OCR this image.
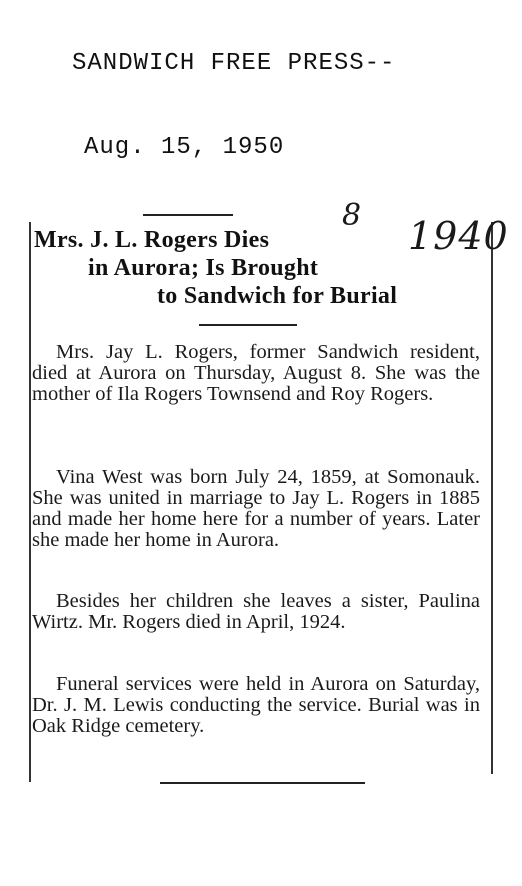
SANDWICH FREE PRESS--

Aug. 15, 1950

Mrs. J. L. Rogers Dies
in Aurora; Is Brought
to Sandwich for Burial
8 1940

Mrs. Jay L. Rogers, former Sandwich resident, died at Aurora on Thursday, August 8. She was the mother of Ila Rogers Townsend and Roy Rogers.

Vina West was born July 24, 1859, at Somonauk. She was united in marriage to Jay L. Rogers in 1885 and made her home here for a number of years. Later she made her home in Aurora.

Besides her children she leaves a sister, Paulina Wirtz. Mr. Rogers died in April, 1924.

Funeral services were held in Aurora on Saturday, Dr. J. M. Lewis conducting the service. Burial was in Oak Ridge cemetery.
